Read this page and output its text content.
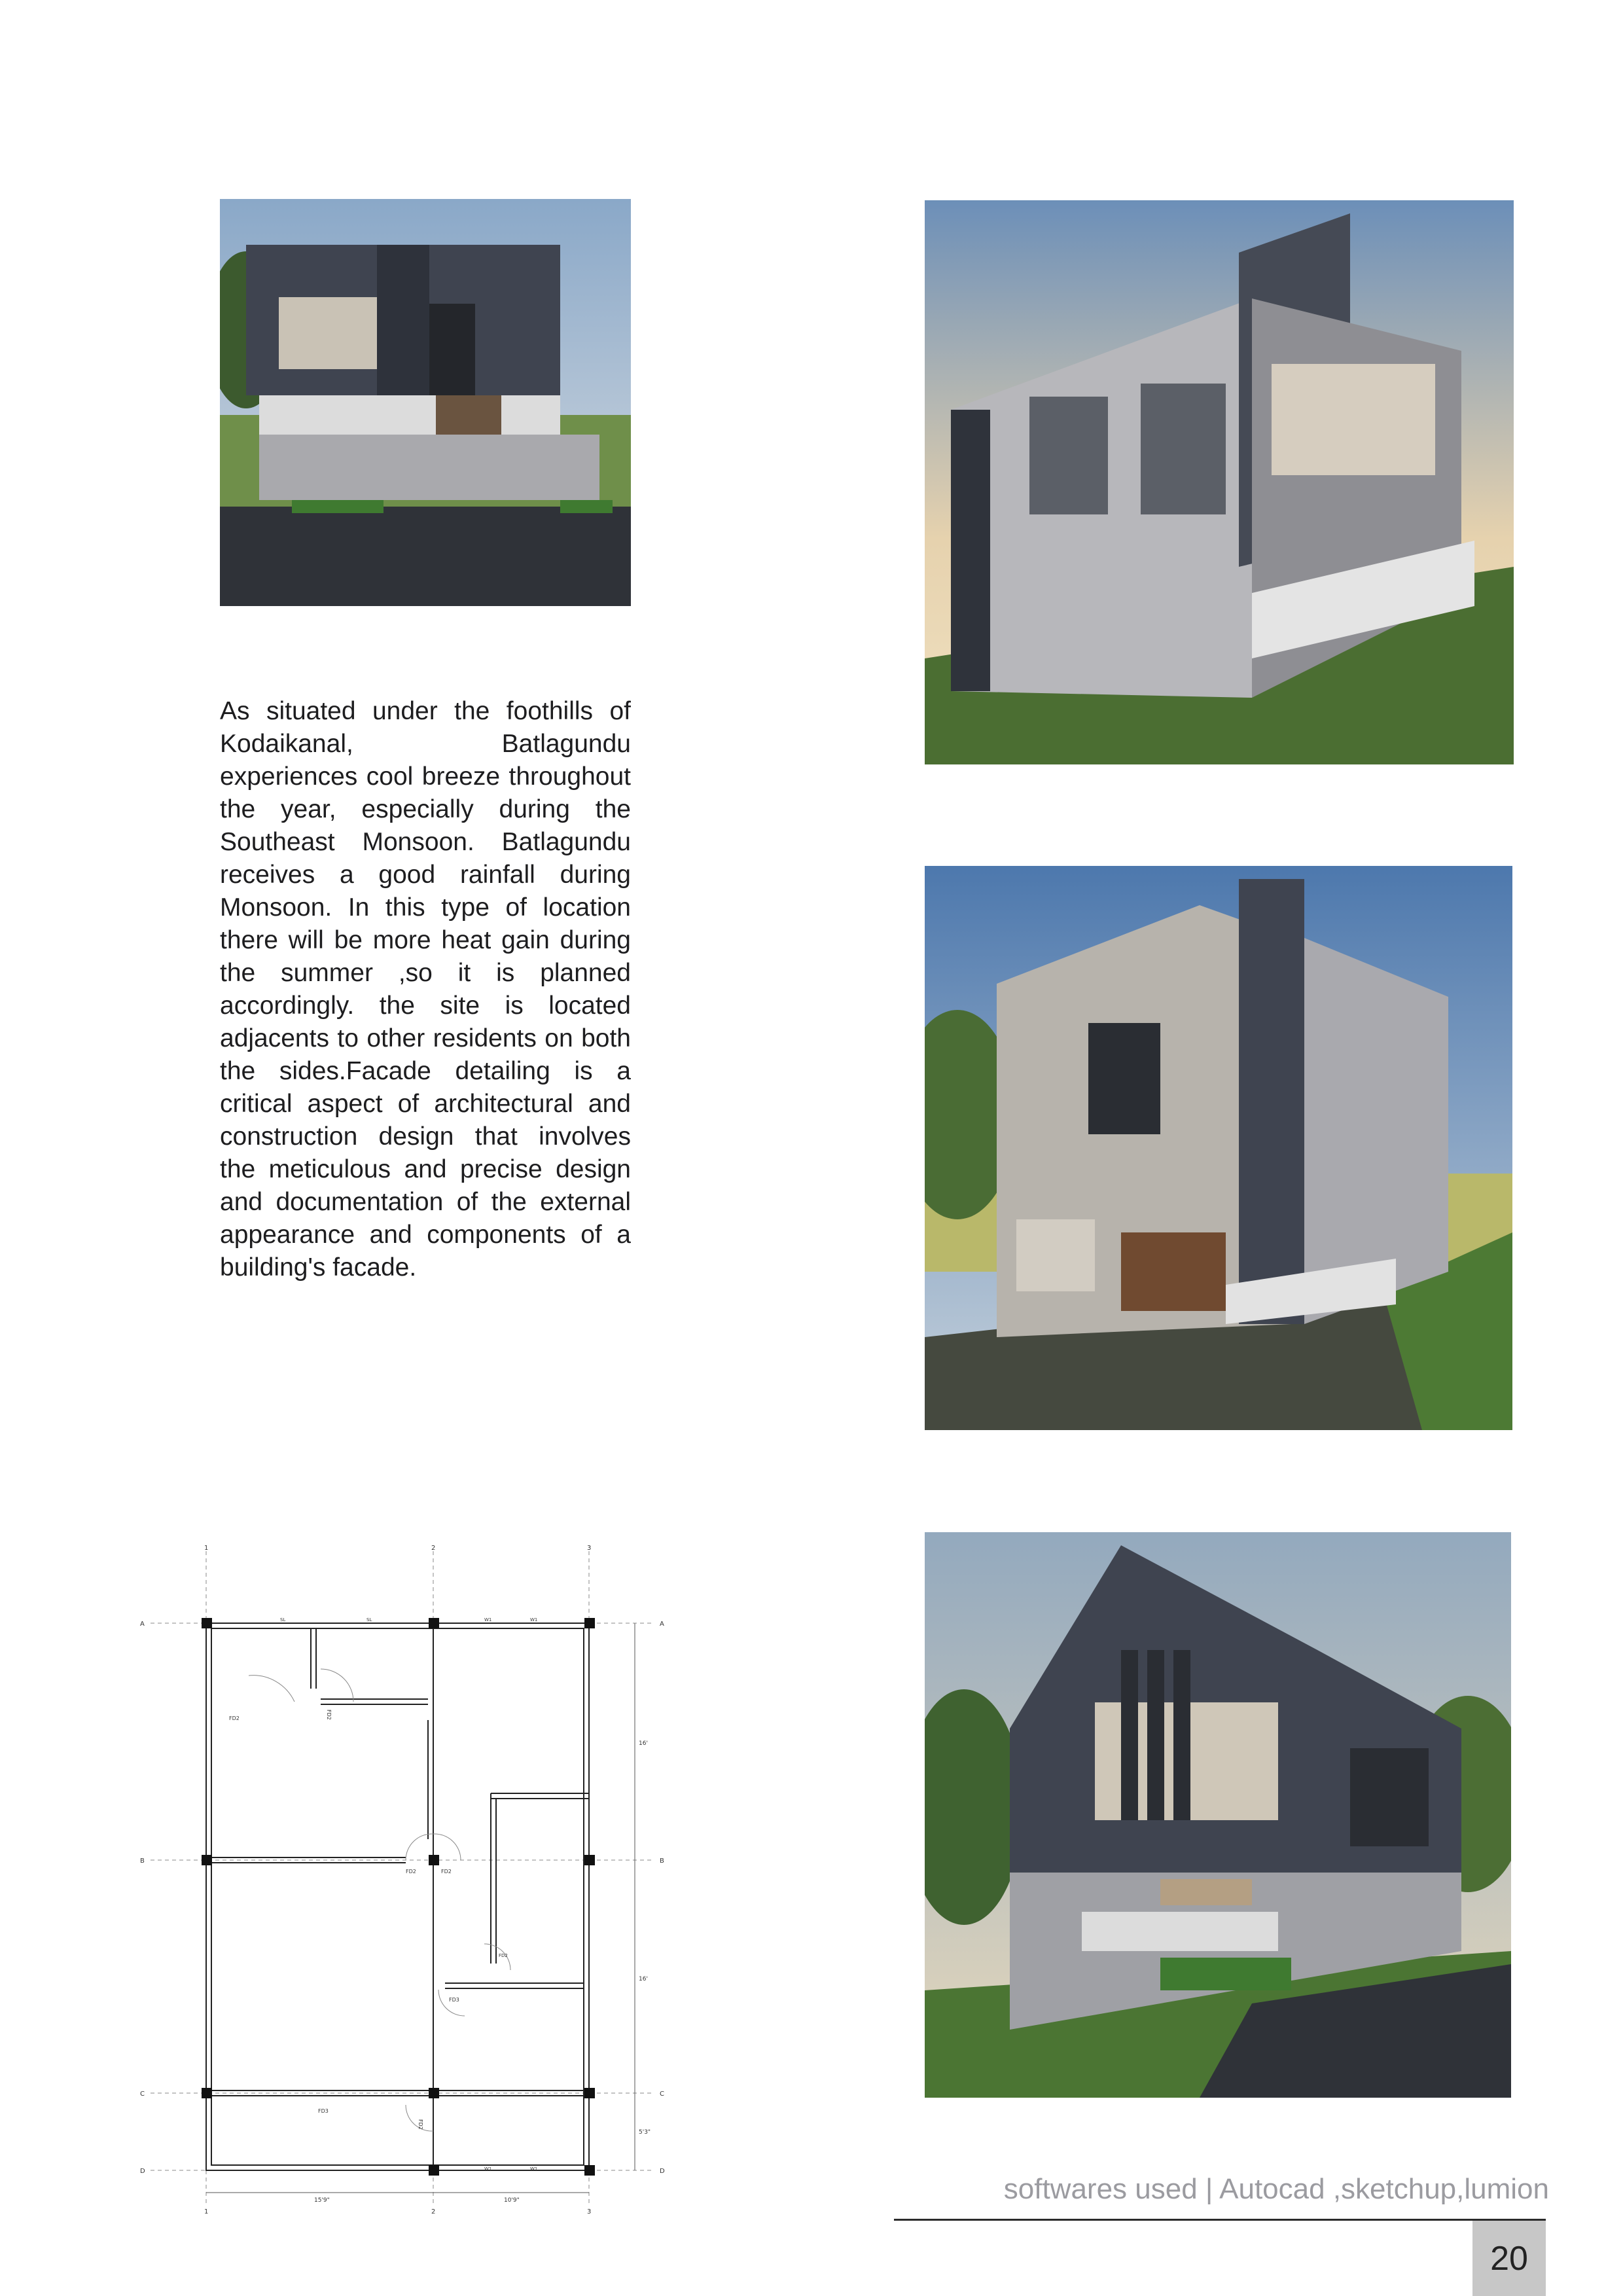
As situated under the foothills of Kodaikanal, Batlagundu experiences cool breeze throughout the year, especially during the Southeast Monsoon. Batlagundu receives a good rainfall during Monsoon. In this type of location there will be more heat gain during the summer ,so it is planned accordingly. the site is located adjacents to other residents on both the sides.Facade detailing is a critical aspect of architectural and construction design that involves the meticulous and precise design and documentation of the external appearance and components of a building's facade.

1	2	3
1	2	3
A
B
C
D
A
B
C
D
FD2	FD2
FD2	FD2
FD2
FD3
FD3
FD2
SL	SL	W1	W1
W1	W1
16'
16'
5'3"
15'9"	10'9"	softwares used | Autocad ,sketchup,lumion
20
